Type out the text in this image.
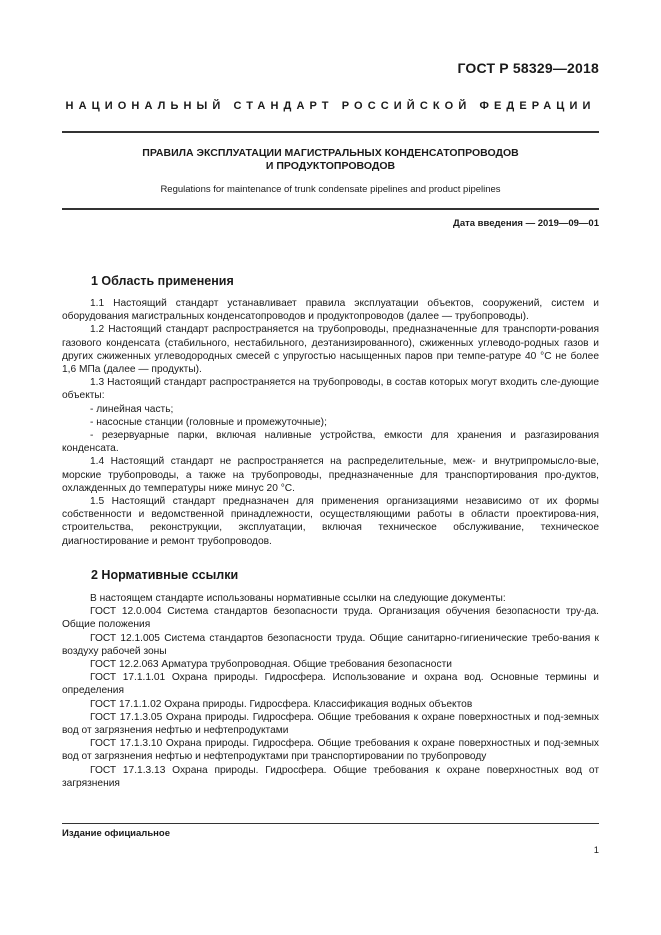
ГОСТ Р 58329—2018
НАЦИОНАЛЬНЫЙ СТАНДАРТ РОССИЙСКОЙ ФЕДЕРАЦИИ
ПРАВИЛА ЭКСПЛУАТАЦИИ МАГИСТРАЛЬНЫХ КОНДЕНСАТОПРОВОДОВ
И ПРОДУКТОПРОВОДОВ
Regulations for maintenance of trunk condensate pipelines and product pipelines
Дата введения — 2019—09—01
1 Область применения

1.1 Настоящий стандарт устанавливает правила эксплуатации объектов, сооружений, систем и оборудования магистральных конденсатопроводов и продуктопроводов (далее — трубопроводы).

1.2 Настоящий стандарт распространяется на трубопроводы, предназначенные для транспорти-рования газового конденсата (стабильного, нестабильного, деэтанизированного), сжиженных углеводо-родных газов и других сжиженных углеводородных смесей с упругостью насыщенных паров при темпе-ратуре 40 °С не более 1,6 МПа (далее — продукты).

1.3 Настоящий стандарт распространяется на трубопроводы, в состав которых могут входить сле-дующие объекты:

- линейная часть;

- насосные станции (головные и промежуточные);

- резервуарные парки, включая наливные устройства, емкости для хранения и разгазирования конденсата.

1.4 Настоящий стандарт не распространяется на распределительные, меж- и внутрипромысло-вые, морские трубопроводы, а также на трубопроводы, предназначенные для транспортирования про-дуктов, охлажденных до температуры ниже минус 20 °С.

1.5 Настоящий стандарт предназначен для применения организациями независимо от их формы собственности и ведомственной принадлежности, осуществляющими работы в области проектирова-ния, строительства, реконструкции, эксплуатации, включая техническое обслуживание, техническое диагностирование и ремонт трубопроводов.

2 Нормативные ссылки

В настоящем стандарте использованы нормативные ссылки на следующие документы:

ГОСТ 12.0.004 Система стандартов безопасности труда. Организация обучения безопасности тру-да. Общие положения

ГОСТ 12.1.005 Система стандартов безопасности труда. Общие санитарно-гигиенические требо-вания к воздуху рабочей зоны

ГОСТ 12.2.063 Арматура трубопроводная. Общие требования безопасности

ГОСТ 17.1.1.01 Охрана природы. Гидросфера. Использование и охрана вод. Основные термины и определения

ГОСТ 17.1.1.02 Охрана природы. Гидросфера. Классификация водных объектов

ГОСТ 17.1.3.05 Охрана природы. Гидросфера. Общие требования к охране поверхностных и под-земных вод от загрязнения нефтью и нефтепродуктами

ГОСТ 17.1.3.10 Охрана природы. Гидросфера. Общие требования к охране поверхностных и под-земных вод от загрязнения нефтью и нефтепродуктами при транспортировании по трубопроводу

ГОСТ 17.1.3.13 Охрана природы. Гидросфера. Общие требования к охране поверхностных вод от загрязнения

Издание официальное
1
